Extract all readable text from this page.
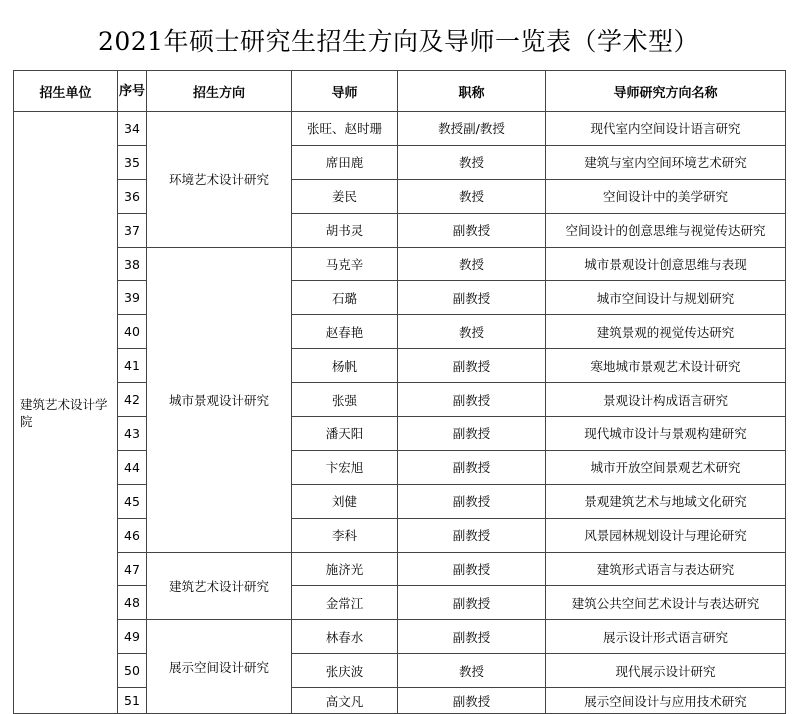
2021年硕士研究生招生方向及导师一览表（学术型）
招生单位	序号	招生方向	导师	职称	导师研究方向名称
建筑艺术设计学院	34	环境艺术设计研究	张旺、赵时珊	教授副/教授	现代室内空间设计语言研究
	35		席田鹿	教授	建筑与室内空间环境艺术研究
	36		姜民	教授	空间设计中的美学研究
	37		胡书灵	副教授	空间设计的创意思维与视觉传达研究
	38	城市景观设计研究	马克辛	教授	城市景观设计创意思维与表现
	39		石璐	副教授	城市空间设计与规划研究
	40		赵春艳	教授	建筑景观的视觉传达研究
	41		杨帆	副教授	寒地城市景观艺术设计研究
	42		张强	副教授	景观设计构成语言研究
	43		潘天阳	副教授	现代城市设计与景观构建研究
	44		卞宏旭	副教授	城市开放空间景观艺术研究
	45		刘健	副教授	景观建筑艺术与地域文化研究
	46		李科	副教授	风景园林规划设计与理论研究
	47	建筑艺术设计研究	施济光	副教授	建筑形式语言与表达研究
	48		金常江	副教授	建筑公共空间艺术设计与表达研究
	49	展示空间设计研究	林春水	副教授	展示设计形式语言研究
	50		张庆波	教授	现代展示设计研究
	51		高文凡	副教授	展示空间设计与应用技术研究
